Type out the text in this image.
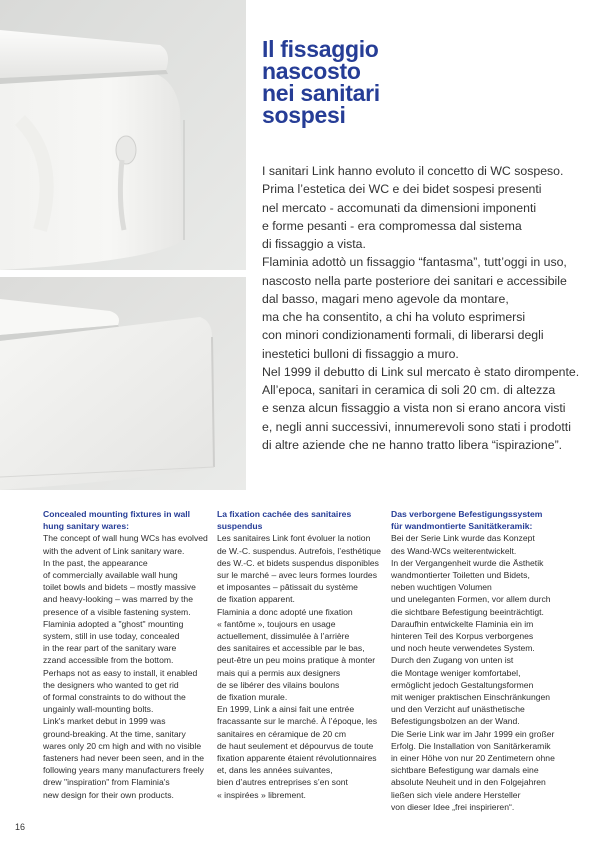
Il fissaggio
nascosto
nei sanitari
sospesi
I sanitari Link hanno evoluto il concetto di WC sospeso.
Prima l’estetica dei WC e dei bidet sospesi presenti
nel mercato - accomunati da dimensioni imponenti
e forme pesanti - era compromessa dal sistema
di fissaggio a vista.
Flaminia adottò un fissaggio “fantasma”, tutt’oggi in uso,
nascosto nella parte posteriore dei sanitari e accessibile
dal basso, magari meno agevole da montare,
ma che ha consentito, a chi ha voluto esprimersi
con minori condizionamenti formali, di liberarsi degli
inestetici bulloni di fissaggio a muro.
Nel 1999 il debutto di Link sul mercato è stato dirompente.
All’epoca, sanitari in ceramica di soli 20 cm. di altezza
e senza alcun fissaggio a vista non si erano ancora visti
e, negli anni successivi, innumerevoli sono stati i prodotti
di altre aziende che ne hanno tratto libera “ispirazione”.
Concealed mounting fixtures in wall
hung sanitary wares:
The concept of wall hung WCs has evolved
with the advent of Link sanitary ware.
In the past, the appearance
of commercially available wall hung
toilet bowls and bidets – mostly massive
and heavy-looking – was marred by the
presence of a visible fastening system.
Flaminia adopted a "ghost" mounting
system, still in use today, concealed
in the rear part of the sanitary ware
zzand accessible from the bottom.
Perhaps not as easy to install, it enabled
the designers who wanted to get rid
of formal constraints to do without the
ungainly wall-mounting bolts.
Link's market debut in 1999 was
ground-breaking. At the time, sanitary
wares only 20 cm high and with no visible
fasteners had never been seen, and in the
following years many manufacturers freely
drew "inspiration" from Flaminia's
new design for their own products.
La fixation cachée des sanitaires
suspendus
Les sanitaires Link font évoluer la notion
de W.-C. suspendus. Autrefois, l’esthétique
des W.-C. et bidets suspendus disponibles
sur le marché – avec leurs formes lourdes
et imposantes – pâtissait du système
de fixation apparent.
Flaminia a donc adopté une fixation
« fantôme », toujours en usage
actuellement, dissimulée à l’arrière
des sanitaires et accessible par le bas,
peut-être un peu moins pratique à monter
mais qui a permis aux designers
de se libérer des vilains boulons
de fixation murale.
En 1999, Link a ainsi fait une entrée
fracassante sur le marché. À l’époque, les
sanitaires en céramique de 20 cm
de haut seulement et dépourvus de toute
fixation apparente étaient révolutionnaires
et, dans les années suivantes,
bien d’autres entreprises s’en sont
« inspirées » librement.
Das verborgene Befestigungssystem
für wandmontierte Sanitätkeramik:
Bei der Serie Link wurde das Konzept
des Wand-WCs weiterentwickelt.
In der Vergangenheit wurde die Ästhetik
wandmontierter Toiletten und Bidets,
neben wuchtigen Volumen
und uneleganten Formen, vor allem durch
die sichtbare Befestigung beeinträchtigt.
Daraufhin entwickelte Flaminia ein im
hinteren Teil des Korpus verborgenes
und noch heute verwendetes System.
Durch den Zugang von unten ist
die Montage weniger komfortabel,
ermöglicht jedoch Gestaltungsformen
mit weniger praktischen Einschränkungen
und den Verzicht auf unästhetische
Befestigungsbolzen an der Wand.
Die Serie Link war im Jahr 1999 ein großer
Erfolg. Die Installation von Sanitärkeramik
in einer Höhe von nur 20 Zentimetern ohne
sichtbare Befestigung war damals eine
absolute Neuheit und in den Folgejahren
ließen sich viele andere Hersteller
von dieser Idee „frei inspirieren“.
16
